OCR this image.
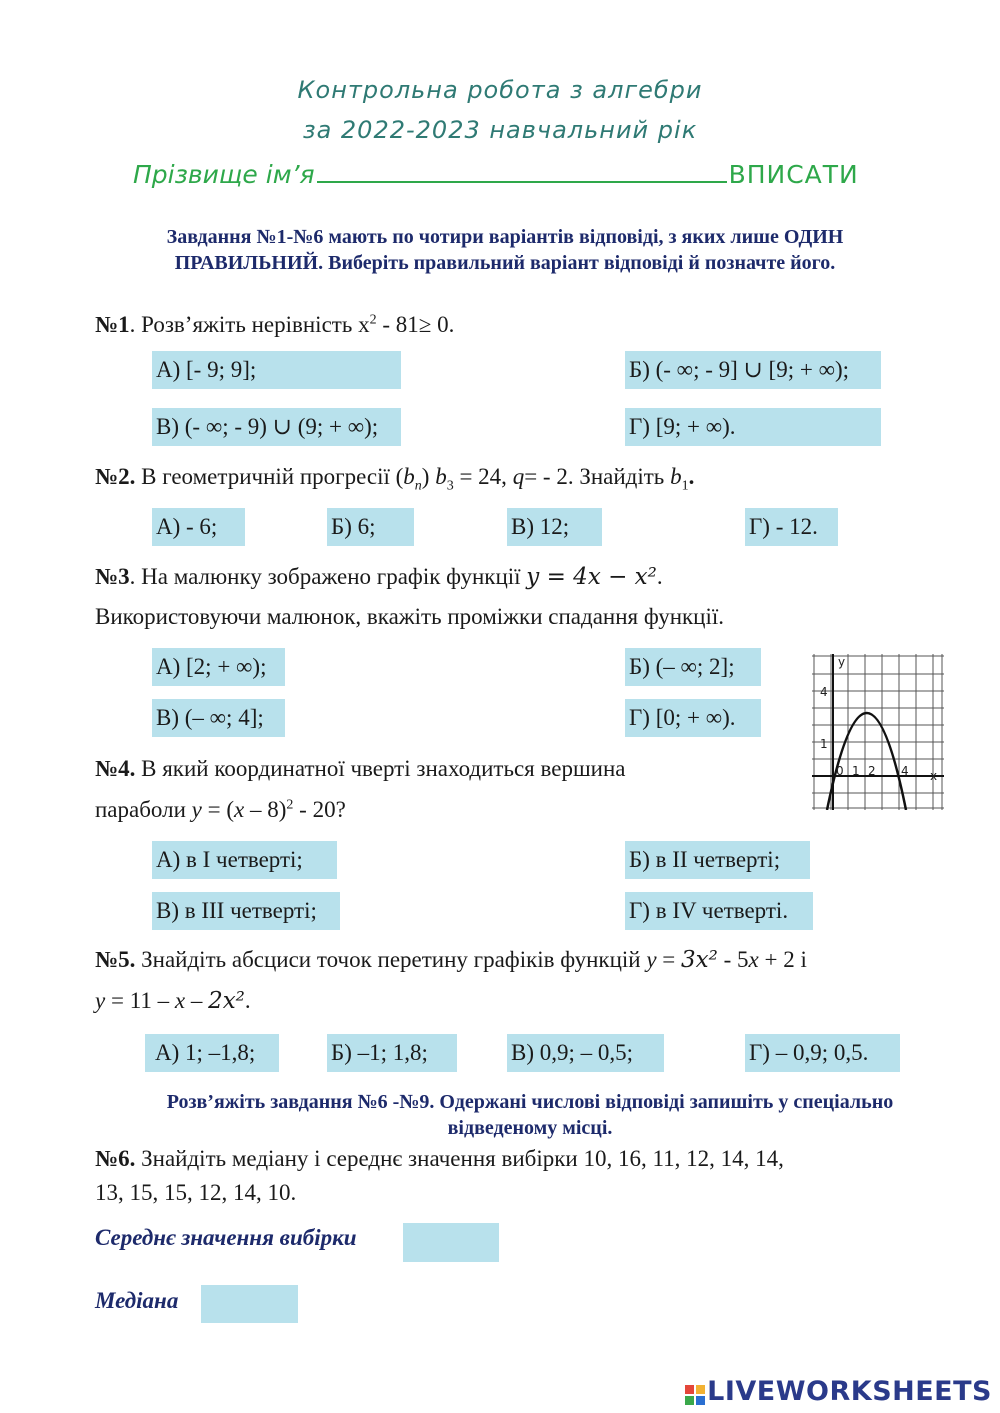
Контрольна робота з алгебри
за 2022-2023 навчальний рік
Прізвище ім’я	ВПИСАТИ
Завдання №1-№6 мають по чотири варіантів відповіді, з яких лише ОДИН
ПРАВИЛЬНИЙ. Виберіть правильний варіант відповіді й позначте його.
№1. Розв’яжіть нерівність $x^2 - 81\ge 0$.
А) [- 9; 9];	Б) (- ∞; - 9] ∪ [9; + ∞);
В) (- ∞; - 9) ∪ (9; + ∞);	Г) [9; + ∞).
№2. В геометричній прогресії $(b_n) b_3 = 24$, q= - 2. Знайдіть $b_1$.
А) - 6;	Б) 6;	В) 12;	Г) - 12.
№3. На малюнку зображено графік функції y = 4x − x².
Використовуючи малюнок, вкажіть проміжки спадання функції.
А) [2; + ∞);	Б) (– ∞; 2];
В) (– ∞; 4];	Г) [0; + ∞).
y
x
0 1 2 4
1
4
№4. В який координатної чверті знаходиться вершина
параболи y = (x – 8)$^2$ - 20?
А) в I четверті;	Б) в II четверті;
В) в III четверті;	Г) в IV четверті.
№5. Знайдіть абсциси точок перетину графіків функцій y = 3x² - 5x + 2 і
y = 11 – x – 2x².
А) 1; –1,8;	Б) –1; 1,8;	В) 0,9; – 0,5;	Г) – 0,9; 0,5.
Розв’яжіть завдання №6 -№9. Одержані числові відповіді запишіть у спеціально
відведеному місці.
№6. Знайдіть медіану і середнє значення вибірки 10, 16, 11, 12, 14, 14,
13, 15, 15, 12, 14, 10.
Середнє значення вибірки
Медіана
LIVEWORKSHEETS
